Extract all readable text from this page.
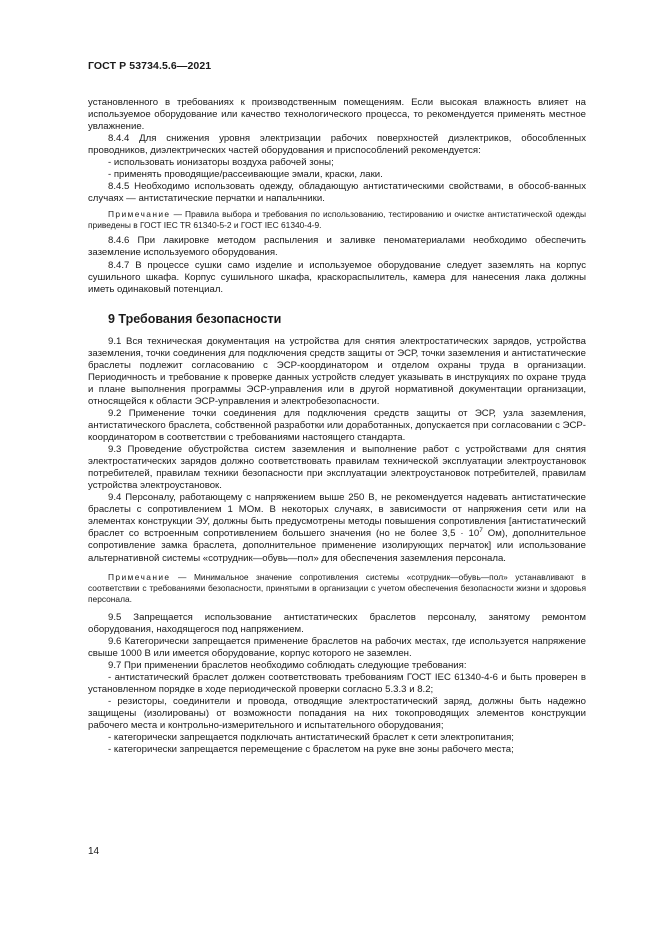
ГОСТ Р 53734.5.6—2021

установленного в требованиях к производственным помещениям. Если высокая влажность влияет на используемое оборудование или качество технологического процесса, то рекомендуется применять местное увлажнение.

8.4.4 Для снижения уровня электризации рабочих поверхностей диэлектриков, обособленных проводников, диэлектрических частей оборудования и приспособлений рекомендуется:

- использовать ионизаторы воздуха рабочей зоны;

- применять проводящие/рассеивающие эмали, краски, лаки.

8.4.5 Необходимо использовать одежду, обладающую антистатическими свойствами, в обособ-ванных случаях — антистатические перчатки и напальчники.

Примечание — Правила выбора и требования по использованию, тестированию и очистке антистатической одежды приведены в ГОСТ IEC TR 61340-5-2 и ГОСТ IEC 61340-4-9.

8.4.6 При лакировке методом распыления и заливке пеноматериалами необходимо обеспечить заземление используемого оборудования.

8.4.7 В процессе сушки само изделие и используемое оборудование следует заземлять на корпус сушильного шкафа. Корпус сушильного шкафа, краскораспылитель, камера для нанесения лака должны иметь одинаковый потенциал.

9 Требования безопасности

9.1 Вся техническая документация на устройства для снятия электростатических зарядов, устройства заземления, точки соединения для подключения средств защиты от ЭСР, точки заземления и антистатические браслеты подлежит согласованию с ЭСР-координатором и отделом охраны труда в организации. Периодичность и требование к проверке данных устройств следует указывать в инструкциях по охране труда и плане выполнения программы ЭСР-управления или в другой нормативной документации организации, относящейся к области ЭСР-управления и электробезопасности.

9.2 Применение точки соединения для подключения средств защиты от ЭСР, узла заземления, антистатического браслета, собственной разработки или доработанных, допускается при согласовании с ЭСР-координатором в соответствии с требованиями настоящего стандарта.

9.3 Проведение обустройства систем заземления и выполнение работ с устройствами для снятия электростатических зарядов должно соответствовать правилам технической эксплуатации электроустановок потребителей, правилам техники безопасности при эксплуатации электроустановок потребителей, правилам устройства электроустановок.

9.4 Персоналу, работающему с напряжением выше 250 В, не рекомендуется надевать антистатические браслеты с сопротивлением 1 МОм. В некоторых случаях, в зависимости от напряжения сети или на элементах конструкции ЭУ, должны быть предусмотрены методы повышения сопротивления [антистатический браслет со встроенным сопротивлением большего значения (но не более $3,5 \cdot 10^7$ Ом), дополнительное сопротивление замка браслета, дополнительное применение изолирующих перчаток] или использование альтернативной системы «сотрудник—обувь—пол» для обеспечения заземления персонала.

Примечание — Минимальное значение сопротивления системы «сотрудник—обувь—пол» устанавливают в соответствии с требованиями безопасности, принятыми в организации с учетом обеспечения безопасности жизни и здоровья персонала.

9.5 Запрещается использование антистатических браслетов персоналу, занятому ремонтом оборудования, находящегося под напряжением.

9.6 Категорически запрещается применение браслетов на рабочих местах, где используется напряжение свыше 1000 В или имеется оборудование, корпус которого не заземлен.

9.7 При применении браслетов необходимо соблюдать следующие требования:

- антистатический браслет должен соответствовать требованиям ГОСТ IEC 61340-4-6 и быть проверен в установленном порядке в ходе периодической проверки согласно 5.3.3 и 8.2;

- резисторы, соединители и провода, отводящие электростатический заряд, должны быть надежно защищены (изолированы) от возможности попадания на них токопроводящих элементов конструкции рабочего места и контрольно-измерительного и испытательного оборудования;

- категорически запрещается подключать антистатический браслет к сети электропитания;

- категорически запрещается перемещение с браслетом на руке вне зоны рабочего места;

14
